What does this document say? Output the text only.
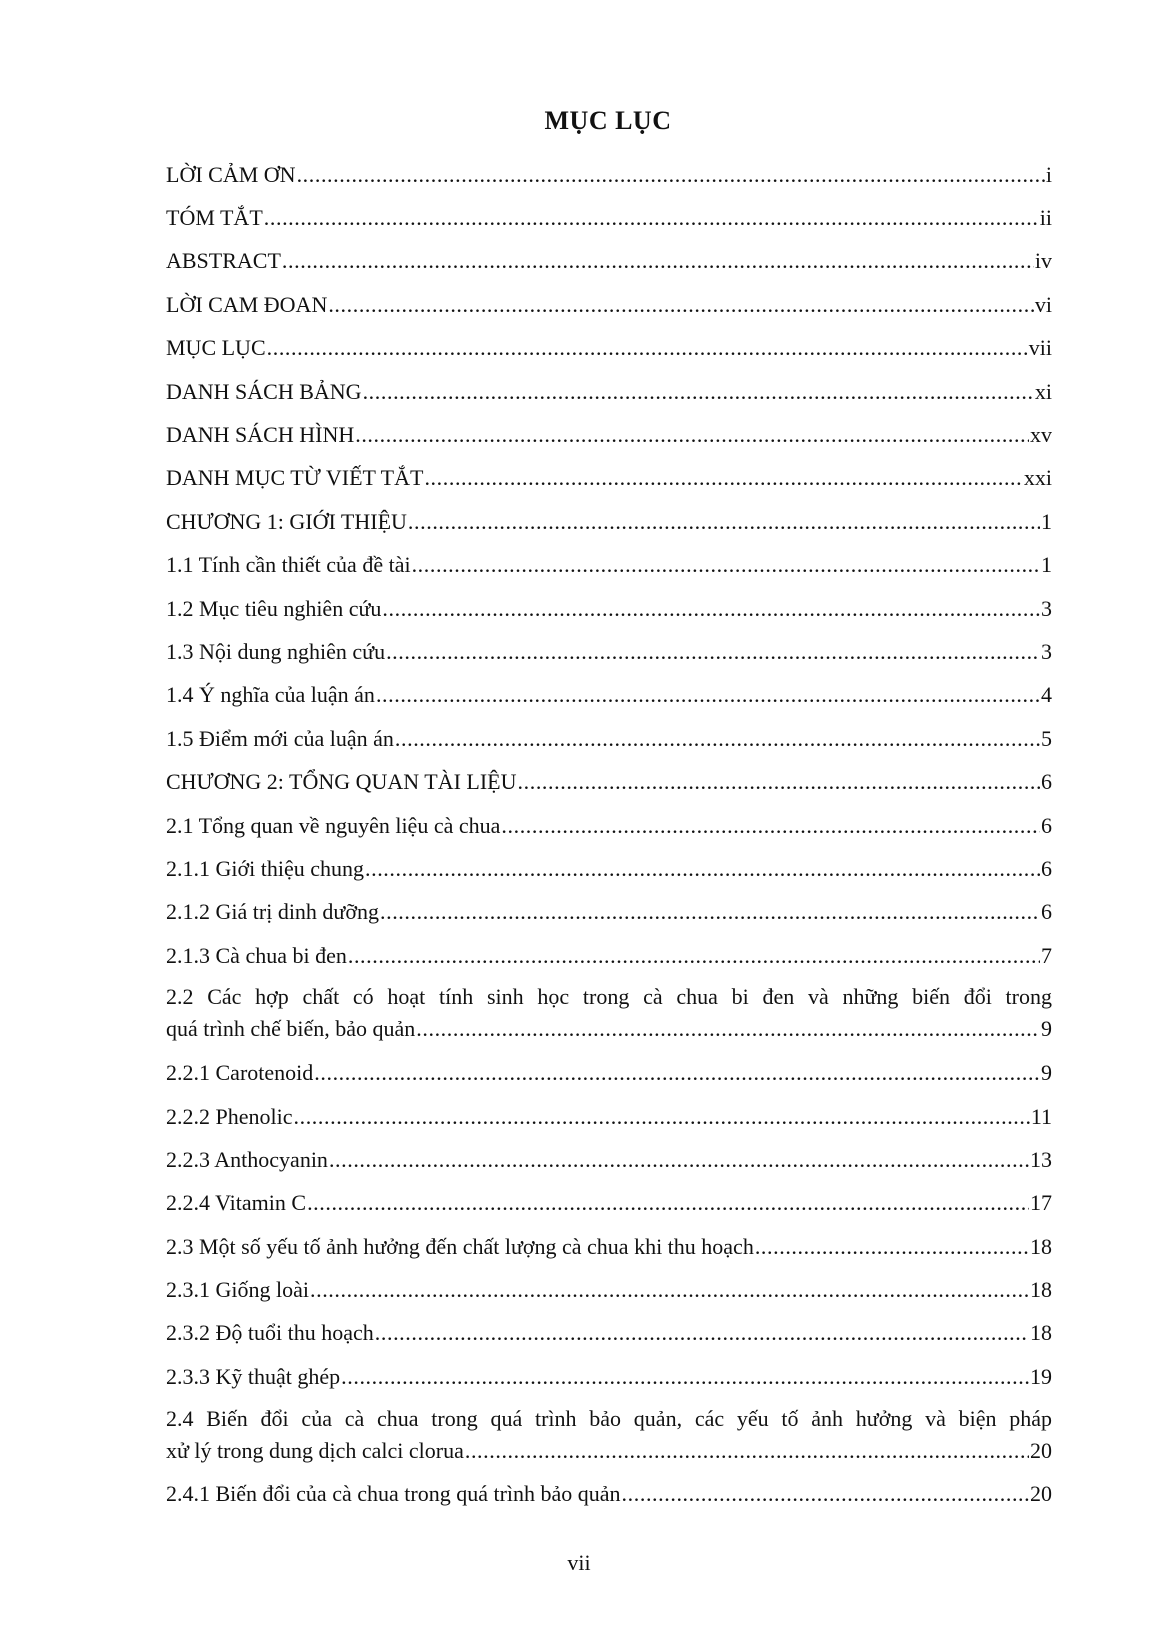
MỤC LỤC
LỜI CẢM ƠN .....	i
TÓM TẮT .....	ii
ABSTRACT .....	iv
LỜI CAM ĐOAN .....	vi
MỤC LỤC .....	vii
DANH SÁCH BẢNG .....	xi
DANH SÁCH HÌNH .....	xv
DANH MỤC TỪ VIẾT TẮT .....	xxi
CHƯƠNG 1: GIỚI THIỆU .....	1
1.1 Tính cần thiết của đề tài .....	1
1.2 Mục tiêu nghiên cứu .....	3
1.3 Nội dung nghiên cứu .....	3
1.4 Ý nghĩa của luận án .....	4
1.5 Điểm mới của luận án .....	5
CHƯƠNG 2: TỔNG QUAN TÀI LIỆU .....	6
2.1 Tổng quan về nguyên liệu cà chua .....	6
2.1.1 Giới thiệu chung .....	6
2.1.2 Giá trị dinh dưỡng .....	6
2.1.3 Cà chua bi đen .....	7
2.2 Các hợp chất có hoạt tính sinh học trong cà chua bi đen và những biến đổi trong
quá trình chế biến, bảo quản .....	9
2.2.1 Carotenoid .....	9
2.2.2 Phenolic .....	11
2.2.3 Anthocyanin .....	13
2.2.4 Vitamin C .....	17
2.3 Một số yếu tố ảnh hưởng đến chất lượng cà chua khi thu hoạch .....	18
2.3.1 Giống loài .....	18
2.3.2 Độ tuổi thu hoạch .....	18
2.3.3 Kỹ thuật ghép .....	19
2.4 Biến đổi của cà chua trong quá trình bảo quản, các yếu tố ảnh hưởng và biện pháp
xử lý trong dung dịch calci clorua .....	20
2.4.1 Biến đổi của cà chua trong quá trình bảo quản .....	20
vii
